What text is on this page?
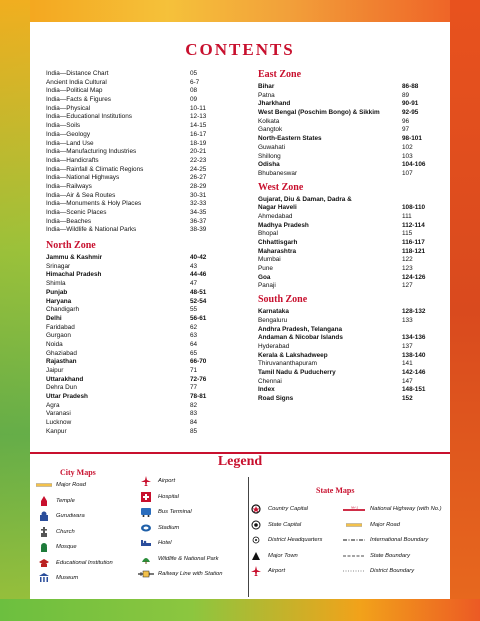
CONTENTS
India—Distance Chart	05
Ancient India Cultural	6-7
India—Political Map	08
India—Facts & Figures	09
India—Physical	10-11
India—Educational Institutions	12-13
India—Soils	14-15
India—Geology	16-17
India—Land Use	18-19
India—Manufacturing Industries	20-21
India—Handicrafts	22-23
India—Rainfall & Climatic Regions	24-25
India—National Highways	26-27
India—Railways	28-29
India—Air & Sea Routes	30-31
India—Monuments & Holy Places	32-33
India—Scenic Places	34-35
India—Beaches	36-37
India—Wildlife & National Parks	38-39
North Zone
Jammu & Kashmir	40-42
Srinagar	43
Himachal Pradesh	44-46
Shimla	47
Punjab	48-51
Haryana	52-54
Chandigarh	55
Delhi	56-61
Faridabad	62
Gurgaon	63
Noida	64
Ghaziabad	65
Rajasthan	66-70
Jaipur	71
Uttarakhand	72-76
Dehra Dun	77
Uttar Pradesh	78-81
Agra	82
Varanasi	83
Lucknow	84
Kanpur	85
East Zone
Bihar	86-88
Patna	89
Jharkhand	90-91
West Bengal (Poschim Bongo) & Sikkim	92-95
Kolkata	96
Gangtok	97
North-Eastern States	98-101
Guwahati	102
Shillong	103
Odisha	104-106
Bhubaneswar	107
West Zone
Gujarat, Diu & Daman, Dadra &
Nagar Haveli	108-110
Ahmedabad	111
Madhya Pradesh	112-114
Bhopal	115
Chhattisgarh	116-117
Maharashtra	118-121
Mumbai	122
Pune	123
Goa	124-126
Panaji	127
South Zone
Karnataka	128-132
Bengaluru	133
Andhra Pradesh, Telangana
Andaman & Nicobar Islands	134-136
Hyderabad	137
Kerala & Lakshadweep	138-140
Thiruvananthapuram	141
Tamil Nadu & Puducherry	142-146
Chennai	147
Index	148-151
Road Signs	152
Legend
City Maps
State Maps
Major Road
Temple
Gurudwara
Church
Mosque
Educational Institution
Museum
Airport
Hospital
Bus Terminal
Stadium
Hotel
Wildlife & National Park
Railway Line with Station
Country Capital
State Capital
District Headquarters
Major Town
Airport
NH-1 National Highway (with No.)
Major Road
International Boundary
State Boundary
District Boundary
